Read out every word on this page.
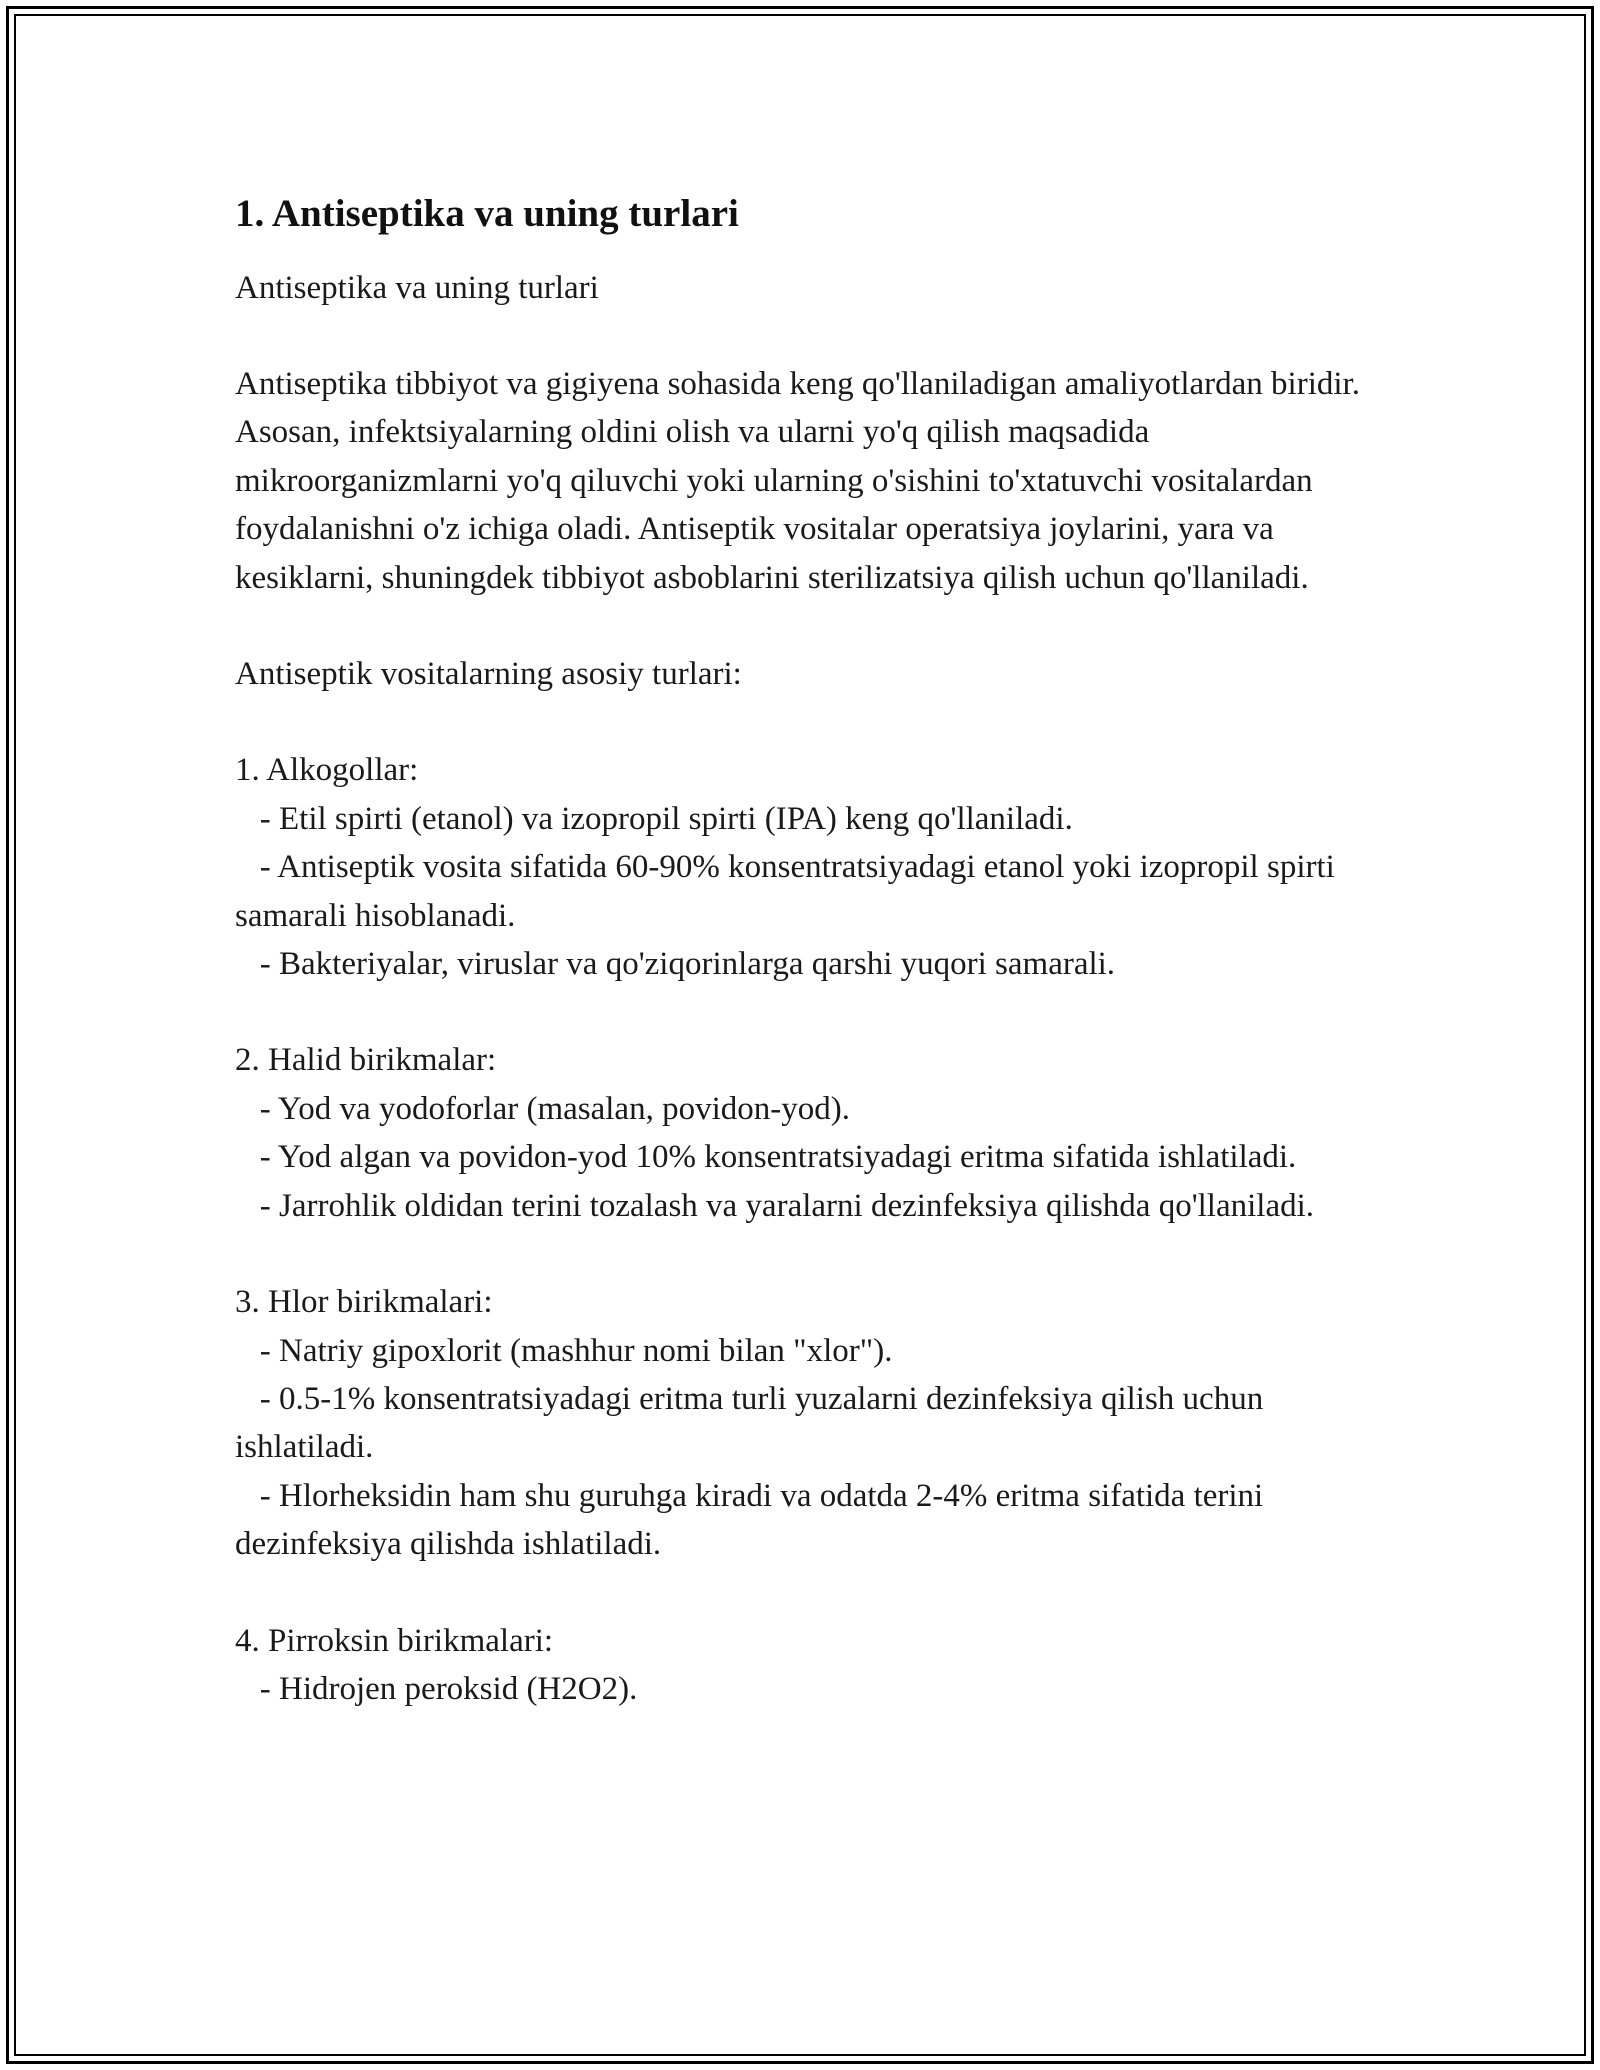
1. Antiseptika va uning turlari

Antiseptika va uning turlari

Antiseptika tibbiyot va gigiyena sohasida keng qo'llaniladigan amaliyotlardan biridir. Asosan, infektsiyalarning oldini olish va ularni yo'q qilish maqsadida mikroorganizmlarni yo'q qiluvchi yoki ularning o'sishini to'xtatuvchi vositalardan foydalanishni o'z ichiga oladi. Antiseptik vositalar operatsiya joylarini, yara va kesiklarni, shuningdek tibbiyot asboblarini sterilizatsiya qilish uchun qo'llaniladi.

Antiseptik vositalarning asosiy turlari:

1. Alkogollar:

- Etil spirti (etanol) va izopropil spirti (IPA) keng qo'llaniladi.
- Antiseptik vosita sifatida 60-90% konsentratsiyadagi etanol yoki izopropil spirti samarali hisoblanadi.
- Bakteriyalar, viruslar va qo'ziqorinlarga qarshi yuqori samarali.

2. Halid birikmalar:

- Yod va yodoforlar (masalan, povidon-yod).
- Yod algan va povidon-yod 10% konsentratsiyadagi eritma sifatida ishlatiladi.
- Jarrohlik oldidan terini tozalash va yaralarni dezinfeksiya qilishda qo'llaniladi.

3. Hlor birikmalari:

- Natriy gipoxlorit (mashhur nomi bilan "xlor").
- 0.5-1% konsentratsiyadagi eritma turli yuzalarni dezinfeksiya qilish uchun ishlatiladi.
- Hlorheksidin ham shu guruhga kiradi va odatda 2-4% eritma sifatida terini dezinfeksiya qilishda ishlatiladi.

4. Pirroksin birikmalari:

- Hidrojen peroksid (H2O2).
